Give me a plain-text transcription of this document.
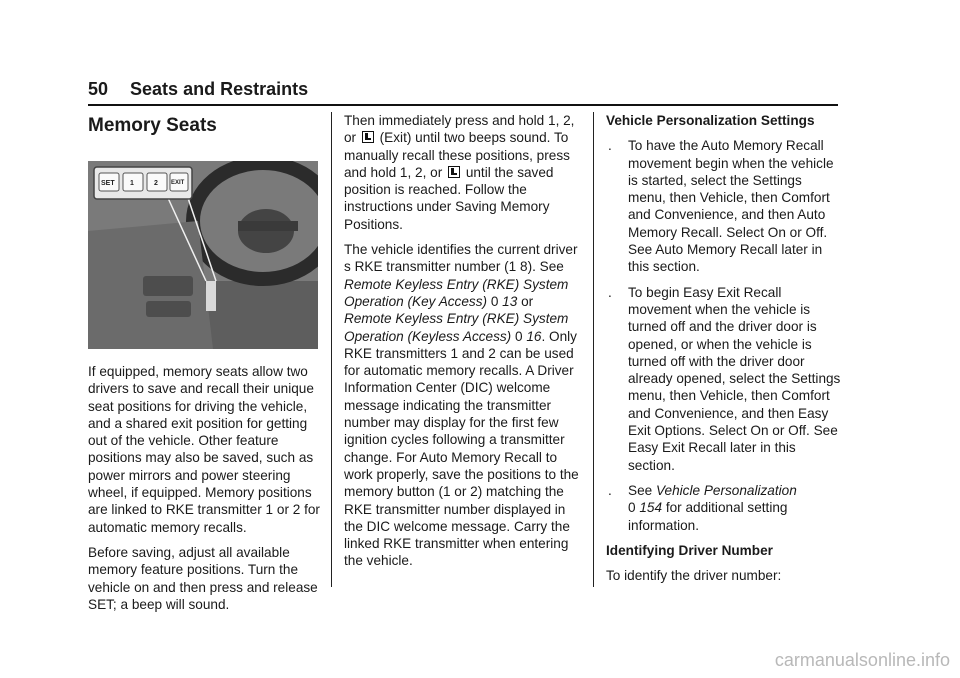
50 Seats and Restraints
Memory Seats
SET 1	2 EXIT

If equipped, memory seats allow two drivers to save and recall their unique seat positions for driving the vehicle, and a shared exit position for getting out of the vehicle. Other feature positions may also be saved, such as power mirrors and power steering wheel, if equipped. Memory positions are linked to RKE transmitter 1 or 2 for automatic memory recalls.

Before saving, adjust all available memory feature positions. Turn the vehicle on and then press and release SET; a beep will sound.

Then immediately press and hold 1, 2, or (Exit) until two beeps sound. To manually recall these positions, press and hold 1, 2, or until the saved position is reached. Follow the instructions under Saving Memory Positions.

The vehicle identifies the current driver s RKE transmitter number (1 8). See Remote Keyless Entry (RKE) System Operation (Key Access) 0 13 or Remote Keyless Entry (RKE) System Operation (Keyless Access) 0 16. Only RKE transmitters 1 and 2 can be used for automatic memory recalls. A Driver Information Center (DIC) welcome message indicating the transmitter number may display for the first few ignition cycles following a transmitter change. For Auto Memory Recall to work properly, save the positions to the memory button (1 or 2) matching the RKE transmitter number displayed in the DIC welcome message. Carry the linked RKE transmitter when entering the vehicle.

Vehicle Personalization Settings
. To have the Auto Memory Recall movement begin when the vehicle is started, select the Settings menu, then Vehicle, then Comfort and Convenience, and then Auto Memory Recall. Select On or Off. See Auto Memory Recall later in this section.
. To begin Easy Exit Recall movement when the vehicle is turned off and the driver door is opened, or when the vehicle is turned off with the driver door already opened, select the Settings menu, then Vehicle, then Comfort and Convenience, and then Easy Exit Options. Select On or Off. See Easy Exit Recall later in this section.
. See Vehicle Personalization
0 154 for additional setting information.
Identifying Driver Number

To identify the driver number:

carmanualsonline.info
